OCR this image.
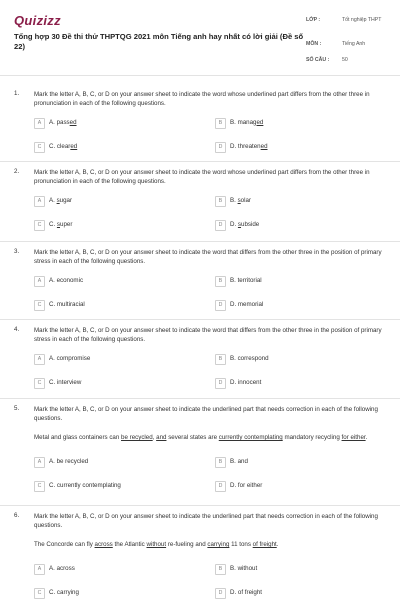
Quizizz
Tổng hợp 30 Đề thi thử THPTQG 2021 môn Tiếng anh hay nhất có lời giải (Đề số 22)
LỚP :	Tốt nghiệp THPT
MÔN :	Tiếng Anh
SỐ CÂU :	50
1. Mark the letter A, B, C, or D on your answer sheet to indicate the word whose underlined part differs from the other three in pronunciation in each of the following questions.
A	A. passed	B	B. managed
C	C. cleared	D	D. threatened
2. Mark the letter A, B, C, or D on your answer sheet to indicate the word whose underlined part differs from the other three in pronunciation in each of the following questions.
A	A. sugar	B	B. solar
C	C. super	D	D. subside
3. Mark the letter A, B, C, or D on your answer sheet to indicate the word that differs from the other three in the position of primary stress in each of the following questions.
A	A. economic	B	B. territorial
C	C. multiracial	D	D. memorial
4. Mark the letter A, B, C, or D on your answer sheet to indicate the word that differs from the other three in the position of primary stress in each of the following questions.
A	A. compromise	B	B. correspond
C	C. interview	D	D. innocent
5. Mark the letter A, B, C, or D on your answer sheet to indicate the underlined part that needs correction in each of the following questions.
Metal and glass containers can be recycled, and several states are currently contemplating mandatory recycling for either.
A	A. be recycled	B	B. and
C	C. currently contemplating	D	D. for either
6. Mark the letter A, B, C, or D on your answer sheet to indicate the underlined part that needs correction in each of the following questions.
The Concorde can fly across the Atlantic without re-fueling and carrying 11 tons of freight.
A	A. across	B	B. without
C	C. carrying	D	D. of freight
